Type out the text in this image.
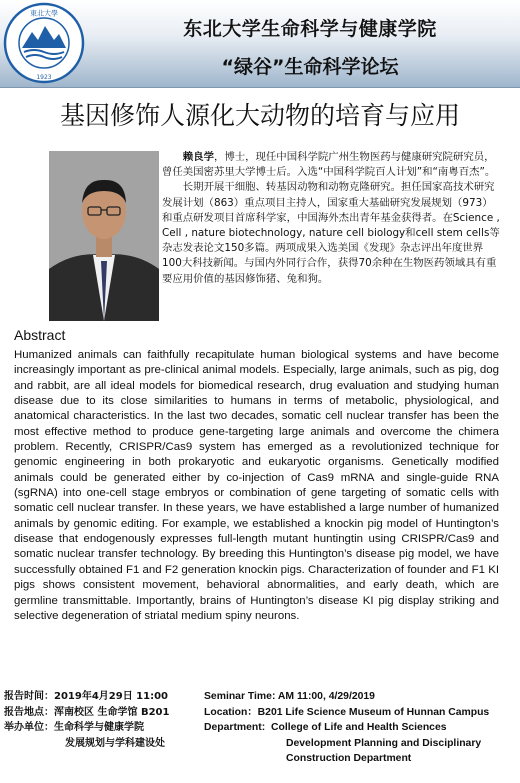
東北大學
1923
东北大学生命科学与健康学院
“绿谷”生命科学论坛
基因修饰人源化大动物的培育与应用

赖良学，博士，现任中国科学院广州生物医药与健康研究院研究员，曾任美国密苏里大学博士后。入选“中国科学院百人计划”和“南粤百杰”。

长期开展干细胞、转基因动物和动物克隆研究。担任国家高技术研究发展计划（863）重点项目主持人，国家重大基础研究发展规划（973）和重点研发项目首席科学家，中国海外杰出青年基金获得者。在Science , Cell , nature biotechnology, nature cell biology和cell stem cells等杂志发表论文150多篇。两项成果入选美国《发现》杂志评出年度世界100大科技新闻。与国内外同行合作，获得70余种在生物医药领域具有重要应用价值的基因修饰猪、兔和狗。

Abstract

Humanized animals can faithfully recapitulate human biological systems and have become increasingly important as pre-clinical animal models. Especially, large animals, such as pig, dog and rabbit, are all ideal models for biomedical research, drug evaluation and studying human disease due to its close similarities to humans in terms of metabolic, physiological, and anatomical characteristics. In the last two decades, somatic cell nuclear transfer has been the most effective method to produce gene-targeting large animals and overcome the chimera problem. Recently, CRISPR/Cas9 system has emerged as a revolutionized technique for genomic engineering in both prokaryotic and eukaryotic organisms. Genetically modified animals could be generated either by co-injection of Cas9 mRNA and single-guide RNA (sgRNA) into one-cell stage embryos or combination of gene targeting of somatic cells with somatic cell nuclear transfer. In these years, we have established a large number of humanized animals by genomic editing. For example, we established a knockin pig model of Huntington’s disease that endogenously expresses full-length mutant huntingtin using CRISPR/Cas9 and somatic nuclear transfer technology. By breeding this Huntington’s disease pig model, we have successfully obtained F1 and F2 generation knockin pigs. Characterization of founder and F1 KI pigs shows consistent movement, behavioral abnormalities, and early death, which are germline transmittable. Importantly, brains of Huntington’s disease KI pig display striking and selective degeneration of striatal medium spiny neurons.

报告时间：2019年4月29日 11:00
报告地点：浑南校区 生命学馆 B201
举办单位：生命科学与健康学院
发展规划与学科建设处
Seminar Time: AM 11:00, 4/29/2019
Location：B201 Life Science Museum of Hunnan Campus
Department: College of Life and Health Sciences
Development Planning and Disciplinary
Construction Department
